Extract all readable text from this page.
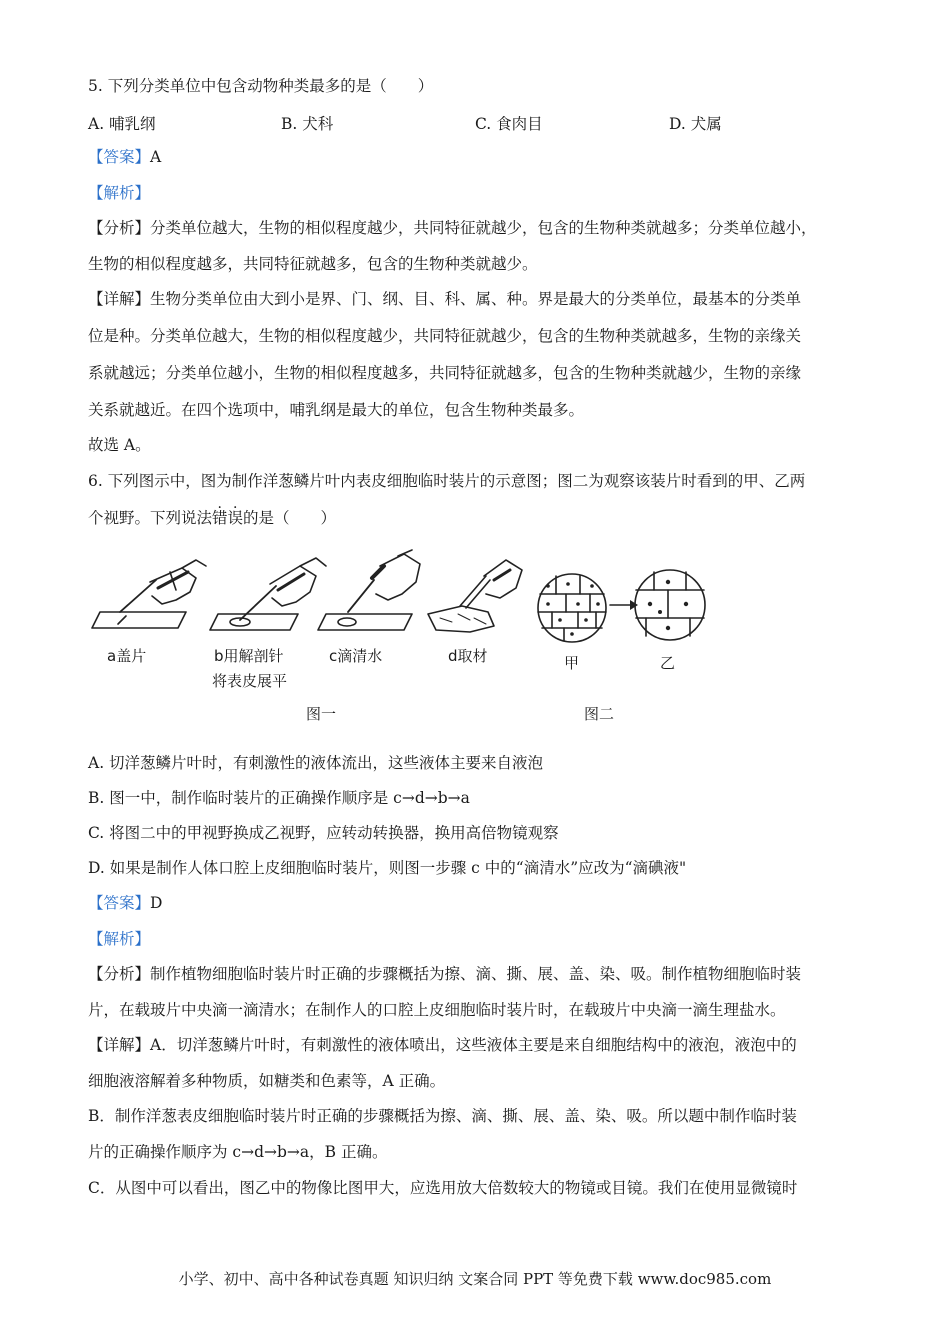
5. 下列分类单位中包含动物种类最多的是（　　）
A. 哺乳纲	B. 犬科	C. 食肉目	D. 犬属
【答案】A
【解析】
【分析】分类单位越大，生物的相似程度越少，共同特征就越少，包含的生物种类就越多；分类单位越小，
生物的相似程度越多，共同特征就越多，包含的生物种类就越少。
【详解】生物分类单位由大到小是界、门、纲、目、科、属、种。界是最大的分类单位，最基本的分类单
位是种。分类单位越大，生物的相似程度越少，共同特征就越少，包含的生物种类就越多，生物的亲缘关
系就越远；分类单位越小，生物的相似程度越多，共同特征就越多，包含的生物种类就越少，生物的亲缘
关系就越近。在四个选项中，哺乳纲是最大的单位，包含生物种类最多。
故选 A。
6. 下列图示中，图为制作洋葱鳞片叶内表皮细胞临时装片的示意图；图二为观察该装片时看到的甲、乙两
个视野。下列说法错误的是（　　）
a盖片	b用解剖针
将表皮展平
c滴清水	d取材	甲	乙
图一	图二
A. 切洋葱鳞片叶时，有刺激性的液体流出，这些液体主要来自液泡
B. 图一中，制作临时装片的正确操作顺序是 c→d→b→a
C. 将图二中的甲视野换成乙视野，应转动转换器，换用高倍物镜观察
D. 如果是制作人体口腔上皮细胞临时装片，则图一步骤 c 中的“滴清水”应改为“滴碘液"
【答案】D
【解析】
【分析】制作植物细胞临时装片时正确的步骤概括为擦、滴、撕、展、盖、染、吸。制作植物细胞临时装
片，在载玻片中央滴一滴清水；在制作人的口腔上皮细胞临时装片时，在载玻片中央滴一滴生理盐水。
【详解】A．切洋葱鳞片叶时，有刺激性的液体喷出，这些液体主要是来自细胞结构中的液泡，液泡中的
细胞液溶解着多种物质，如糖类和色素等，A 正确。
B．制作洋葱表皮细胞临时装片时正确的步骤概括为擦、滴、撕、展、盖、染、吸。所以题中制作临时装
片的正确操作顺序为 c→d→b→a，B 正确。
C．从图中可以看出，图乙中的物像比图甲大，应选用放大倍数较大的物镜或目镜。我们在使用显微镜时
小学、初中、高中各种试卷真题 知识归纳 文案合同 PPT 等免费下载 www.doc985.com
